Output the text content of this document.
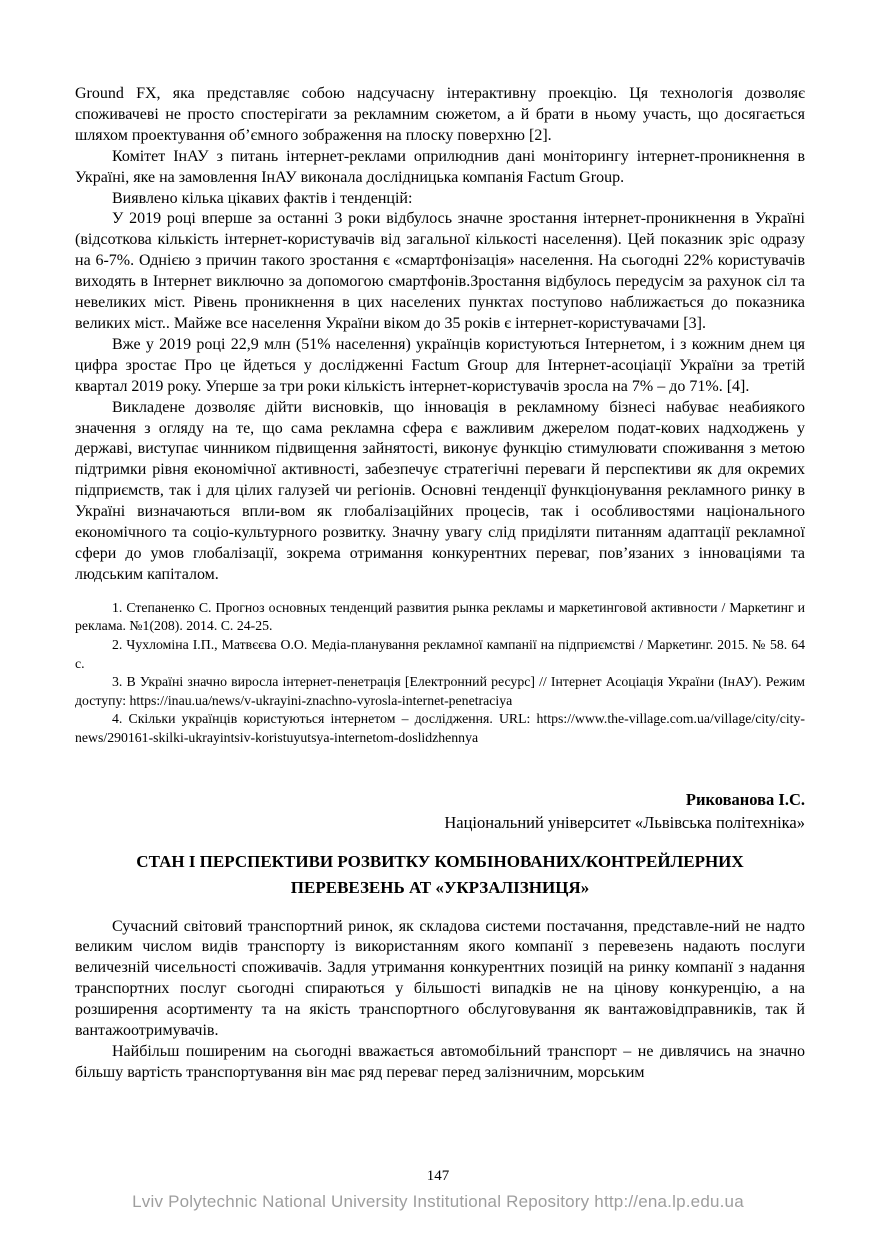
Ground FX, яка представляє собою надсучасну інтерактивну проекцію. Ця технологія дозволяє споживачеві не просто спостерігати за рекламним сюжетом, а й брати в ньому участь, що досягається шляхом проектування об’ємного зображення на плоску поверхню [2].

Комітет ІнАУ з питань інтернет-реклами оприлюднив дані моніторингу інтернет-проникнення в Україні, яке на замовлення ІнАУ виконала дослідницька компанія Factum Group.

Виявлено кілька цікавих фактів і тенденцій:

У 2019 році вперше за останні 3 роки відбулось значне зростання інтернет-проникнення в Україні (відсоткова кількість інтернет-користувачів від загальної кількості населення). Цей показник зріс одразу на 6-7%. Однією з причин такого зростання є «смартфонізація» населення. На сьогодні 22% користувачів виходять в Інтернет виключно за допомогою смартфонів.Зростання відбулось передусім за рахунок сіл та невеликих міст. Рівень проникнення в цих населених пунктах поступово наближається до показника великих міст.. Майже все населення України віком до 35 років є інтернет-користувачами [3].

Вже у 2019 році 22,9 млн (51% населення) українців користуються Інтернетом, і з кожним днем ця цифра зростає Про це йдеться у дослідженні Factum Group для Інтернет-асоціації України за третій квартал 2019 року. Уперше за три роки кількість інтернет-користувачів зросла на 7% – до 71%. [4].

Викладене дозволяє дійти висновків, що інновація в рекламному бізнесі набуває неабиякого значення з огляду на те, що сама рекламна сфера є важливим джерелом подат-кових надходжень у державі, виступає чинником підвищення зайнятості, виконує функцію стимулювати споживання з метою підтримки рівня економічної активності, забезпечує стратегічні переваги й перспективи як для окремих підприємств, так і для цілих галузей чи регіонів. Основні тенденції функціонування рекламного ринку в Україні визначаються впли-вом як глобалізаційних процесів, так і особливостями національного економічного та соціо-культурного розвитку. Значну увагу слід приділяти питанням адаптації рекламної сфери до умов глобалізації, зокрема отримання конкурентних переваг, пов’язаних з інноваціями та людським капіталом.

1. Степаненко С. Прогноз основных тенденций развития рынка рекламы и маркетинговой активности / Маркетинг и реклама. №1(208). 2014. С. 24-25.

2. Чухломіна І.П., Матвєєва О.О. Медіа-планування рекламної кампанії на підприємстві / Маркетинг. 2015. № 58. 64 с.

3. В Україні значно виросла інтернет-пенетрація [Електронний ресурс] // Інтернет Асоціація України (ІнАУ). Режим доступу: https://inau.ua/news/v-ukrayini-znachno-vyrosla-internet-penetraciya

4. Скільки українців користуються інтернетом – дослідження. URL: https://www.the-village.com.ua/village/city/city-news/290161-skilki-ukrayintsiv-koristuyutsya-internetom-doslidzhennya

Рикованова І.С.

Національний університет «Львівська політехніка»

СТАН І ПЕРСПЕКТИВИ РОЗВИТКУ КОМБІНОВАНИХ/КОНТРЕЙЛЕРНИХ
ПЕРЕВЕЗЕНЬ АТ «УКРЗАЛІЗНИЦЯ»

Сучасний світовий транспортний ринок, як складова системи постачання, представле-ний не надто великим числом видів транспорту із використанням якого компанії з перевезень надають послуги величезній чисельності споживачів. Задля утримання конкурентних позицій на ринку компанії з надання транспортних послуг сьогодні спираються у більшості випадків не на цінову конкуренцію, а на розширення асортименту та на якість транспортного обслуговування як вантажовідправників, так й вантажоотримувачів.

Найбільш поширеним на сьогодні вважається автомобільний транспорт – не дивлячись на значно більшу вартість транспортування він має ряд переваг перед залізничним, морським

147
Lviv Polytechnic National University Institutional Repository http://ena.lp.edu.ua
